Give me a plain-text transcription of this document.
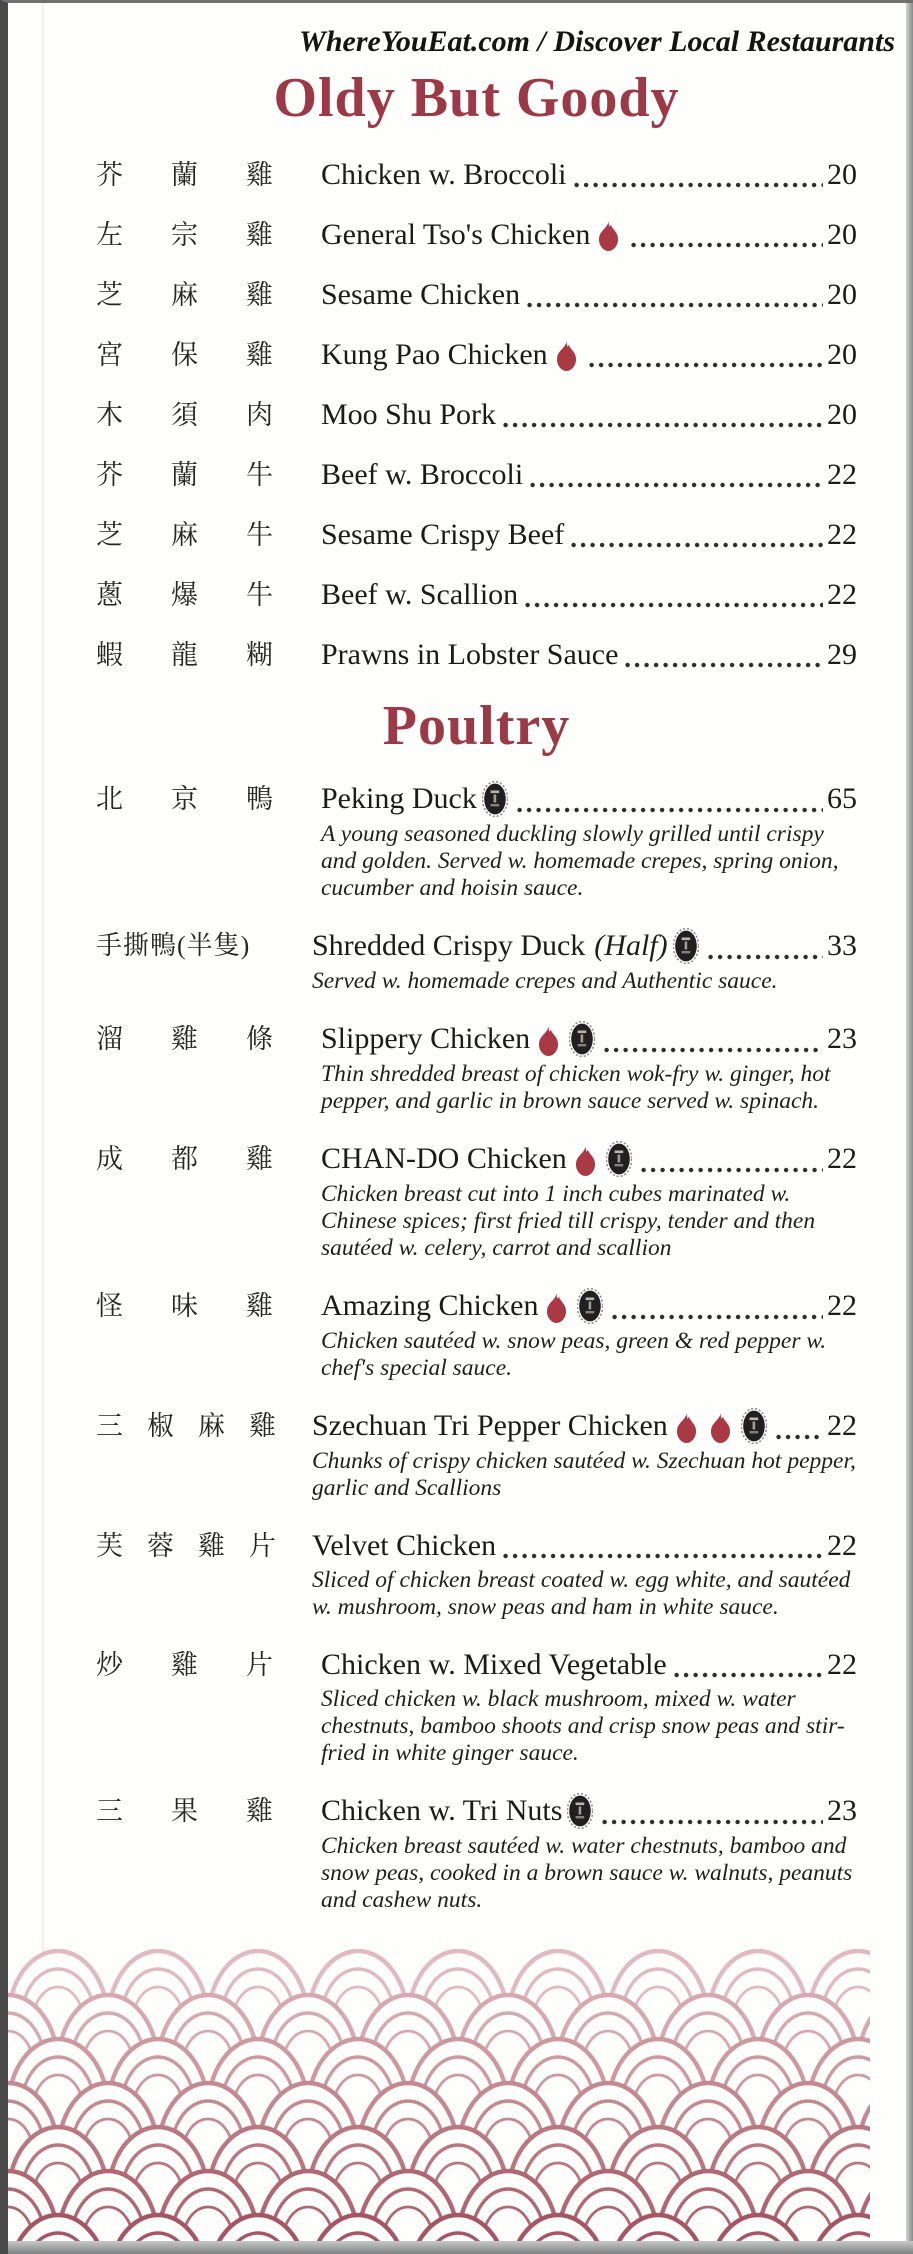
WhereYouEat.com / Discover Local Restaurants
Oldy But Goody
芥蘭雞 Chicken w. Broccoli	20
左宗雞 General Tso's Chicken	20
芝麻雞 Sesame Chicken	20
宮保雞 Kung Pao Chicken	20
木須肉 Moo Shu Pork	20
芥蘭牛 Beef w. Broccoli	22
芝麻牛 Sesame Crispy Beef	22
蔥爆牛 Beef w. Scallion	22
蝦龍糊 Prawns in Lobster Sauce	29
Poultry
北京鴨 Peking Duck	65
A young seasoned duckling slowly grilled until crispy and golden. Served w. homemade crepes, spring onion, cucumber and hoisin sauce.
手撕鴨(半隻)	Shredded Crispy Duck (Half)	33
Served w. homemade crepes and Authentic sauce.
溜雞條 Slippery Chicken	23
Thin shredded breast of chicken wok-fry w. ginger, hot pepper, and garlic in brown sauce served w. spinach.
成都雞 CHAN-DO Chicken	22
Chicken breast cut into 1 inch cubes marinated w. Chinese spices; first fried till crispy, tender and then sautéed w. celery, carrot and scallion
怪味雞 Amazing Chicken	22
Chicken sautéed w. snow peas, green & red pepper w. chef's special sauce.
三椒麻雞 Szechuan Tri Pepper Chicken	22
Chunks of crispy chicken sautéed w. Szechuan hot pepper, garlic and Scallions
芙蓉雞片 Velvet Chicken	22
Sliced of chicken breast coated w. egg white, and sautéed w. mushroom, snow peas and ham in white sauce.
炒雞片 Chicken w. Mixed Vegetable	22
Sliced chicken w. black mushroom, mixed w. water chestnuts, bamboo shoots and crisp snow peas and stir-fried in white ginger sauce.
三果雞 Chicken w. Tri Nuts	23
Chicken breast sautéed w. water chestnuts, bamboo and snow peas, cooked in a brown sauce w. walnuts, peanuts and cashew nuts.
